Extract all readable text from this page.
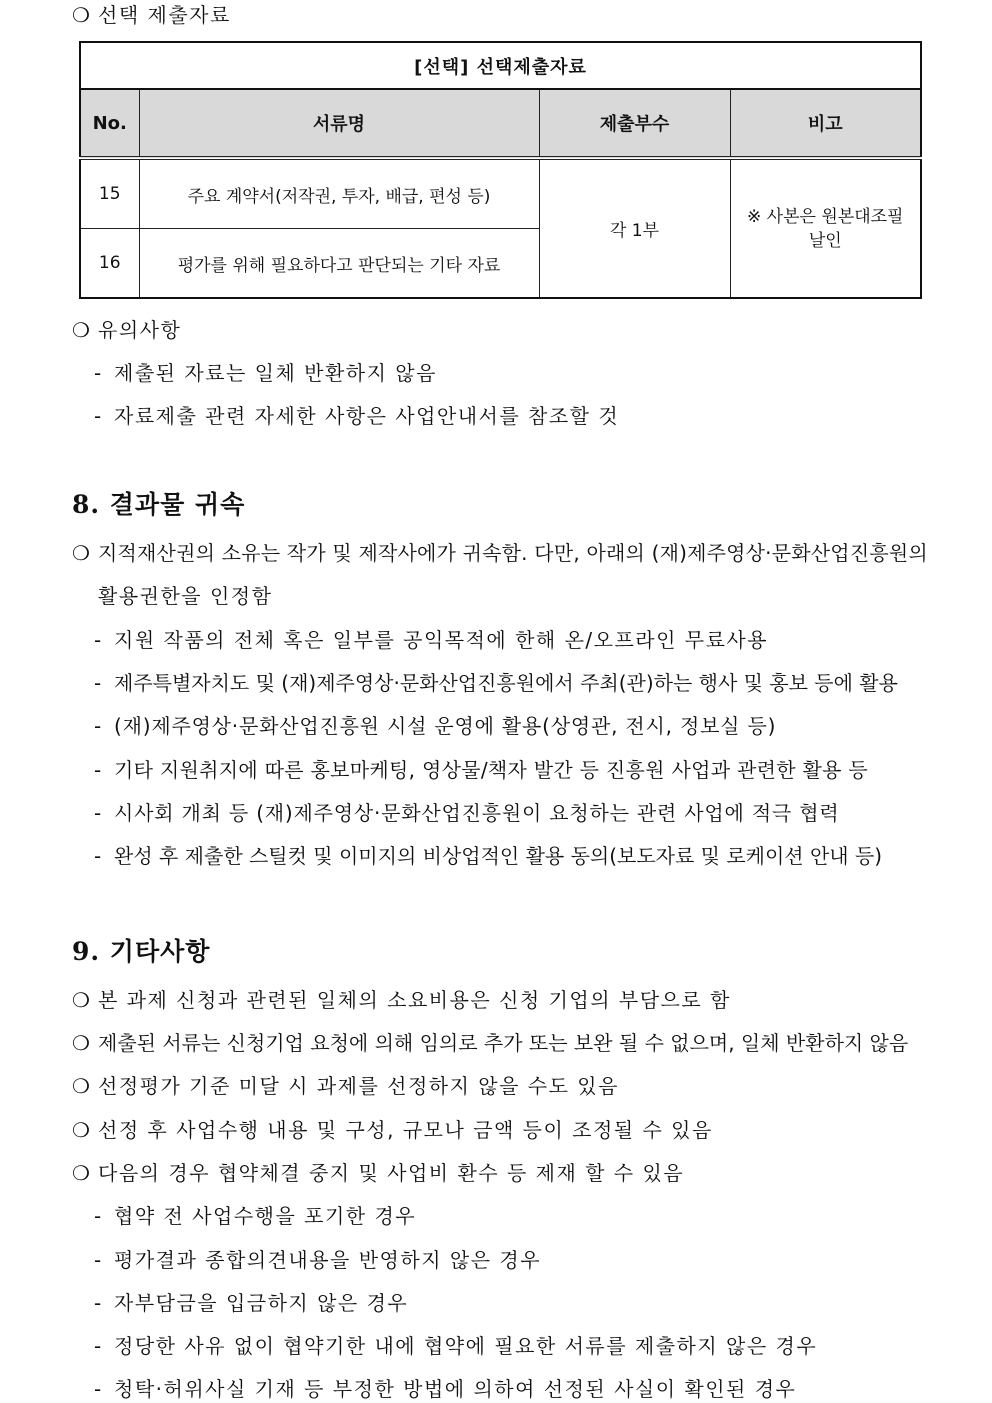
❍ 선택 제출자료
[선택] 선택제출자료			
No.	서류명	제출부수	비고
15	주요 계약서(저작권, 투자, 배급, 편성 등)	각 1부	※ 사본은 원본대조필
날인

16	평가를 위해 필요하다고 판단되는 기타 자료		
❍ 유의사항
- 제출된 자료는 일체 반환하지 않음
- 자료제출 관련 자세한 사항은 사업안내서를 참조할 것
8. 결과물 귀속
❍ 지적재산권의 소유는 작가 및 제작사에가 귀속함. 다만, 아래의 (재)제주영상·문화산업진흥원의
활용권한을 인정함
- 지원 작품의 전체 혹은 일부를 공익목적에 한해 온/오프라인 무료사용
- 제주특별자치도 및 (재)제주영상·문화산업진흥원에서 주최(관)하는 행사 및 홍보 등에 활용
- (재)제주영상·문화산업진흥원 시설 운영에 활용(상영관, 전시, 정보실 등)
- 기타 지원취지에 따른 홍보마케팅, 영상물/책자 발간 등 진흥원 사업과 관련한 활용 등
- 시사회 개최 등 (재)제주영상·문화산업진흥원이 요청하는 관련 사업에 적극 협력
- 완성 후 제출한 스틸컷 및 이미지의 비상업적인 활용 동의(보도자료 및 로케이션 안내 등)
9. 기타사항
❍ 본 과제 신청과 관련된 일체의 소요비용은 신청 기업의 부담으로 함
❍ 제출된 서류는 신청기업 요청에 의해 임의로 추가 또는 보완 될 수 없으며, 일체 반환하지 않음
❍ 선정평가 기준 미달 시 과제를 선정하지 않을 수도 있음
❍ 선정 후 사업수행 내용 및 구성, 규모나 금액 등이 조정될 수 있음
❍ 다음의 경우 협약체결 중지 및 사업비 환수 등 제재 할 수 있음
- 협약 전 사업수행을 포기한 경우
- 평가결과 종합의견내용을 반영하지 않은 경우
- 자부담금을 입금하지 않은 경우
- 정당한 사유 없이 협약기한 내에 협약에 필요한 서류를 제출하지 않은 경우
- 청탁·허위사실 기재 등 부정한 방법에 의하여 선정된 사실이 확인된 경우
